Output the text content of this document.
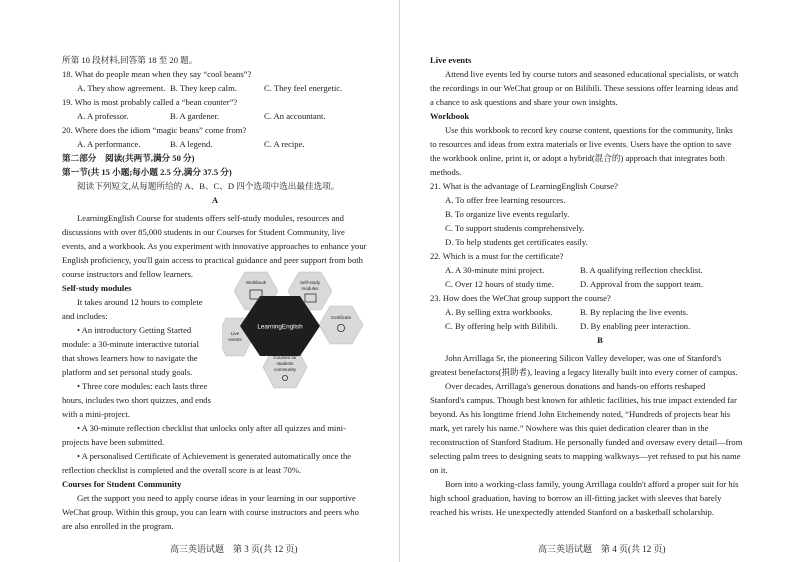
所第 10 段材料,回答第 18 至 20 题。
18. What do people mean when they say “cool beans”?
A. They show agreement. B. They keep calm.	C. They feel energetic.
19. Who is most probably called a “bean counter”?
A. A professor.	B. A gardener.	C. An accountant.
20. Where does the idiom “magic beans” come from?
A. A performance.	B. A legend.	C. A recipe.
第二部分　阅读(共两节,满分 50 分)
第一节(共 15 小题;每小题 2.5 分,满分 37.5 分)
阅读下列短文,从每题所给的 A、B、C、D 四个选项中选出最佳选项。
A
LearningEnglish Course for students offers self-study modules, resources and
discussions with over 85,000 students in our Courses for Student Community, live
events, and a workbook. As you experiment with innovative approaches to enhance your
English proficiency, you'll gain access to practical guidance and peer support from both
course instructors and fellow learners.
Self-study modules
It takes around 12 hours to complete
and includes:
• An introductory Getting Started
module: a 30-minute interactive tutorial
that shows learners how to navigate the
platform and set personal study goals.
• Three core modules: each lasts three
hours, includes two short quizzes, and ends
with a mini-project.
• A 30-minute reflection checklist that unlocks only after all quizzes and mini-
projects have been submitted.
• A personalised Certificate of Achievement is generated automatically once the
reflection checklist is completed and the overall score is at least 70%.
Courses for Student Community
Get the support you need to apply course ideas in your learning in our supportive
WeChat group. Within this group, you can learn with course instructors and peers who
are also enrolled in the program.
LearningEnglish
Workbook	Self-study
modules
Certificate
Live
events
Courses for
students
community
高三英语试题　第 3 页(共 12 页)
Live events
Attend live events led by course tutors and seasoned educational specialists, or watch
the recordings in our WeChat group or on Bilibili. These sessions offer learning ideas and
a chance to ask questions and share your own insights.
Workbook
Use this workbook to record key course content, questions for the community, links
to resources and ideas from extra materials or live events. Users have the option to save
the workbook online, print it, or adopt a hybrid(混合的) approach that integrates both
methods.
21. What is the advantage of LearningEnglish Course?
A. To offer free learning resources.
B. To organize live events regularly.
C. To support students comprehensively.
D. To help students get certificates easily.
22. Which is a must for the certificate?
A. A 30-minute mini project.	B. A qualifying reflection checklist.
C. Over 12 hours of study time.	D. Approval from the support team.
23. How does the WeChat group support the course?
A. By selling extra workbooks.	B. By replacing the live events.
C. By offering help with Bilibili.	D. By enabling peer interaction.
B
John Arrillaga Sr, the pioneering Silicon Valley developer, was one of Stanford's
greatest benefactors(捐助者), leaving a legacy literally built into every corner of campus.
Over decades, Arrillaga's generous donations and hands-on efforts reshaped
Stanford's campus. Though best known for athletic facilities, his true impact extended far
beyond. As his longtime friend John Etchemendy noted, “Hundreds of projects bear his
mark, yet rarely his name.” Nowhere was this quiet dedication clearer than in the
reconstruction of Stanford Stadium. He personally funded and oversaw every detail—from
selecting palm trees to designing seats to mapping walkways—yet refused to put his name
on it.
Born into a working-class family, young Arrillaga couldn't afford a proper suit for his
high school graduation, having to borrow an ill-fitting jacket with sleeves that barely
reached his wrists. He unexpectedly attended Stanford on a basketball scholarship.
高三英语试题　第 4 页(共 12 页)
